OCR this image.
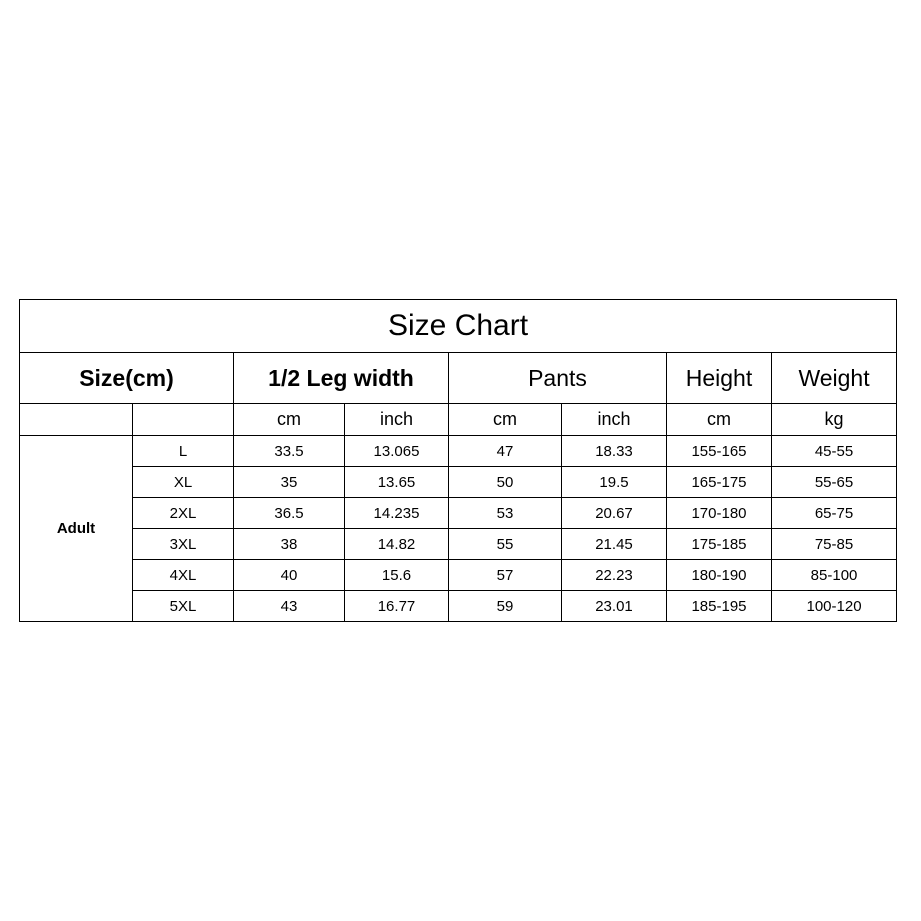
Size Chart							
Size(cm)		1/2 Leg width		Pants		Height	Weight
		cm	inch	cm	inch	cm	kg
Adult	L	33.5	13.065	47	18.33	155-165	45-55
	XL	35	13.65	50	19.5	165-175	55-65
	2XL	36.5	14.235	53	20.67	170-180	65-75
	3XL	38	14.82	55	21.45	175-185	75-85
	4XL	40	15.6	57	22.23	180-190	85-100
	5XL	43	16.77	59	23.01	185-195	100-120
